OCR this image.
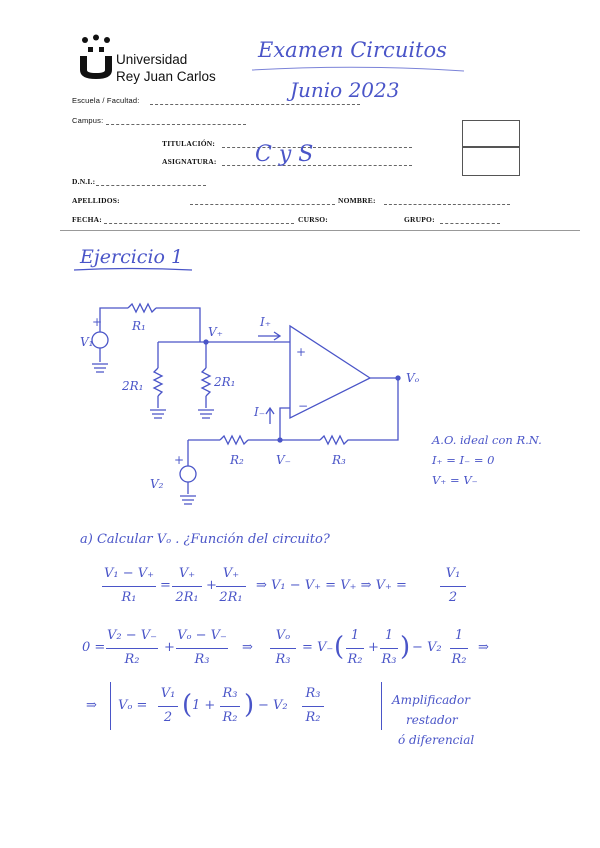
Universidad
Rey Juan Carlos
Examen Circuitos
Junio 2023
Escuela / Facultad:
Campus:
TITULACIÓN:
ASIGNATURA: C y S
D.N.I.:
APELLIDOS:	NOMBRE:
FECHA:	CURSO:	GRUPO:
Ejercicio 1
V₁
+ R₁	V₊
I₊
+
2R₁	2R₁
I₋	−
Vₒ
R₂	V₋	R₃
+
V₂
A.O. ideal con R.N.
I₊ = I₋ = 0
V₊ = V₋
a) Calcular Vₒ . ¿Función del circuito?
V₁ − V₊
R₁
=
V₊
2R₁
+
V₊
2R₁
⇒ V₁ − V₊ = V₊ ⇒ V₊ =
V₁
2
0 =
V₂ − V₋
R₂
+
Vₒ − V₋
R₃
⇒
Vₒ
R₃
= V₋ ( 1
R₂
+
1
R₃ ) − V₂
1
R₂
⇒
⇒ Vₒ =
V₁
2 ( 1 +
R₃
R₂ ) − V₂
R₃
R₂
Amplificador
restador
ó diferencial
